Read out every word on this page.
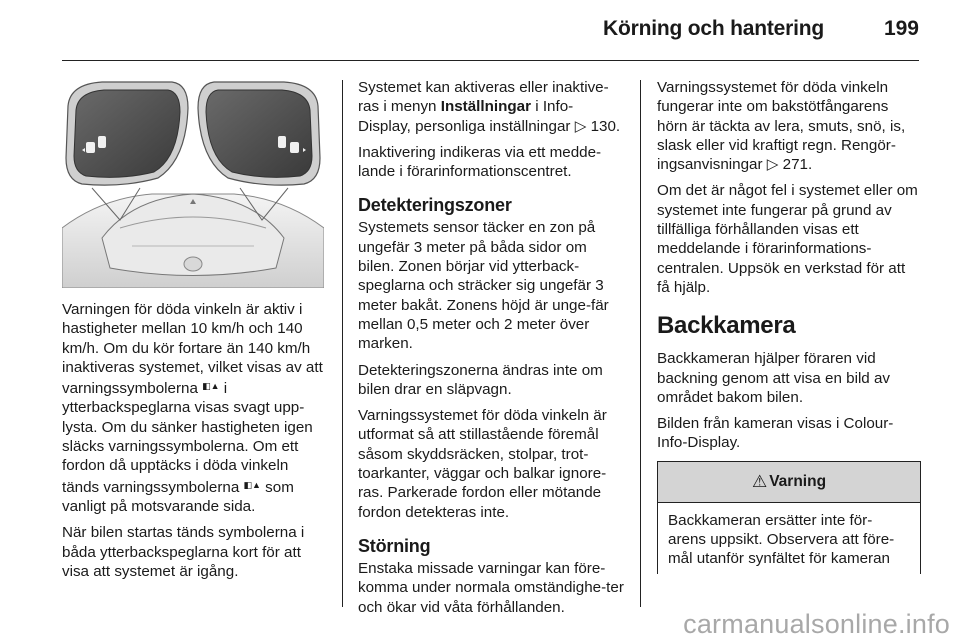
Körning och hantering	199

Varningen för döda vinkeln är aktiv i hastigheter mellan 10 km/h och 140 km/h. Om du kör fortare än 140 km/h inaktiveras systemet, vilket visas av att varningssymbolerna ◧▲ i ytterbackspeglarna visas svagt upp-lysta. Om du sänker hastigheten igen släcks varningssymbolerna. Om ett fordon då upptäcks i döda vinkeln tänds varningssymbolerna ◧▲ som vanligt på motsvarande sida.

När bilen startas tänds symbolerna i båda ytterbackspeglarna kort för att visa att systemet är igång.

Systemet kan aktiveras eller inaktive-ras i menyn Inställningar i Info-Display, personliga inställningar ▷ 130.

Inaktivering indikeras via ett medde-lande i förarinformationscentret.

Detekteringszoner

Systemets sensor täcker en zon på ungefär 3 meter på båda sidor om bilen. Zonen börjar vid ytterback-speglarna och sträcker sig ungefär 3 meter bakåt. Zonens höjd är unge-fär mellan 0,5 meter och 2 meter över marken.

Detekteringszonerna ändras inte om bilen drar en släpvagn.

Varningssystemet för döda vinkeln är utformat så att stillastående föremål såsom skyddsräcken, stolpar, trot-toarkanter, väggar och balkar ignore-ras. Parkerade fordon eller mötande fordon detekteras inte.

Störning

Enstaka missade varningar kan före-komma under normala omständighe-ter och ökar vid våta förhållanden.

Varningssystemet för döda vinkeln fungerar inte om bakstötfångarens hörn är täckta av lera, smuts, snö, is, slask eller vid kraftigt regn. Rengör-ingsanvisningar ▷ 271.

Om det är något fel i systemet eller om systemet inte fungerar på grund av tillfälliga förhållanden visas ett meddelande i förarinformations-centralen. Uppsök en verkstad för att få hjälp.

Backkamera

Backkameran hjälper föraren vid backning genom att visa en bild av området bakom bilen.

Bilden från kameran visas i Colour-Info-Display.

⚠ Varning
Backkameran ersätter inte för-arens uppsikt. Observera att före-mål utanför synfältet för kameran
carmanualsonline.info
